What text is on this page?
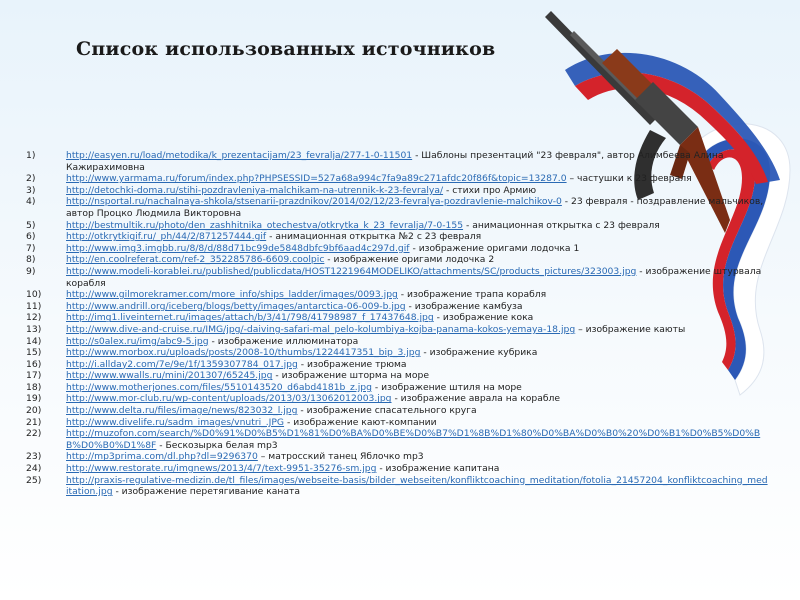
Список использованных источников
1)	http://easyen.ru/load/metodika/k_prezentacijam/23_fevralja/277-1-0-11501 - Шаблоны презентаций "23 февраля", автор Алимбеева Алина Кажирахимовна
2)	http://www.yarmama.ru/forum/index.php?PHPSESSID=527a68a994c7fa9a89c271afdc20f86f&topic=13287.0 – частушки к 23 февраля
3)	http://detochki-doma.ru/stihi-pozdravleniya-malchikam-na-utrennik-k-23-fevralya/ - стихи про Армию
4)	http://nsportal.ru/nachalnaya-shkola/stsenarii-prazdnikov/2014/02/12/23-fevralya-pozdravlenie-malchikov-0 - 23 февраля - поздравление мальчиков, автор Процко Людмила Викторовна
5)	http://bestmultik.ru/photo/den_zashhitnika_otechestva/otkrytka_k_23_fevralja/7-0-155 - анимационная открытка с 23 февраля
6)	http://otkrytkigif.ru/_ph/44/2/871257444.gif - анимационная открытка №2 с 23 февраля
7)	http://www.img3.imgbb.ru/8/8/d/88d71bc99de5848dbfc9bf6aad4c297d.gif - изображение оригами лодочка 1
8)	http://en.coolreferat.com/ref-2_352285786-6609.coolpic - изображение оригами лодочка 2
9)	http://www.modeli-korablei.ru/published/publicdata/HOST1221964MODELIKO/attachments/SC/products_pictures/323003.jpg - изображение штурвала корабля
10)	http://www.gilmorekramer.com/more_info/ships_ladder/images/0093.jpg - изображение трапа корабля
11)	http://www.andrill.org/iceberg/blogs/betty/images/antarctica-06-009-b.jpg - изображение камбуза
12)	http://img1.liveinternet.ru/images/attach/b/3/41/798/41798987_f_17437648.jpg - изображение кока
13)	http://www.dive-and-cruise.ru/IMG/jpg/-daiving-safari-mal_pelo-kolumbiya-kojba-panama-kokos-yemaya-18.jpg – изображение каюты
14)	http://s0alex.ru/img/abc9-5.jpg - изображение иллюминатора
15)	http://www.morbox.ru/uploads/posts/2008-10/thumbs/1224417351_bip_3.jpg - изображение кубрика
16)	http://i.allday2.com/7e/9e/1f/1359307784_017.jpg - изображение трюма
17)	http://www.wwalls.ru/mini/201307/65245.jpg - изображение шторма на море
18)	http://www.motherjones.com/files/5510143520_d6abd4181b_z.jpg - изображение штиля на море
19)	http://www.mor-club.ru/wp-content/uploads/2013/03/13062012003.jpg - изображение аврала на корабле
20)	http://www.delta.ru/files/image/news/823032_l.jpg - изображение спасательного круга
21)	http://www.divelife.ru/sadm_images/vnutri_.JPG - изображение кают-компании
22)	http://muzofon.com/search/%D0%91%D0%B5%D1%81%D0%BA%D0%BE%D0%B7%D1%8B%D1%80%D0%BA%D0%B0%20%D0%B1%D0%B5%D0%BB%D0%B0%D1%8F - Бескозырка белая mp3
23)	http://mp3prima.com/dl.php?dl=9296370 – матросский танец Яблочко mp3
24)	http://www.restorate.ru/imgnews/2013/4/7/text-9951-35276-sm.jpg - изображение капитана
25)	http://praxis-regulative-medizin.de/tl_files/images/webseite-basis/bilder_webseiten/konfliktcoaching_meditation/fotolia_21457204_konfliktcoaching_meditation.jpg - изображение перетягивание каната
